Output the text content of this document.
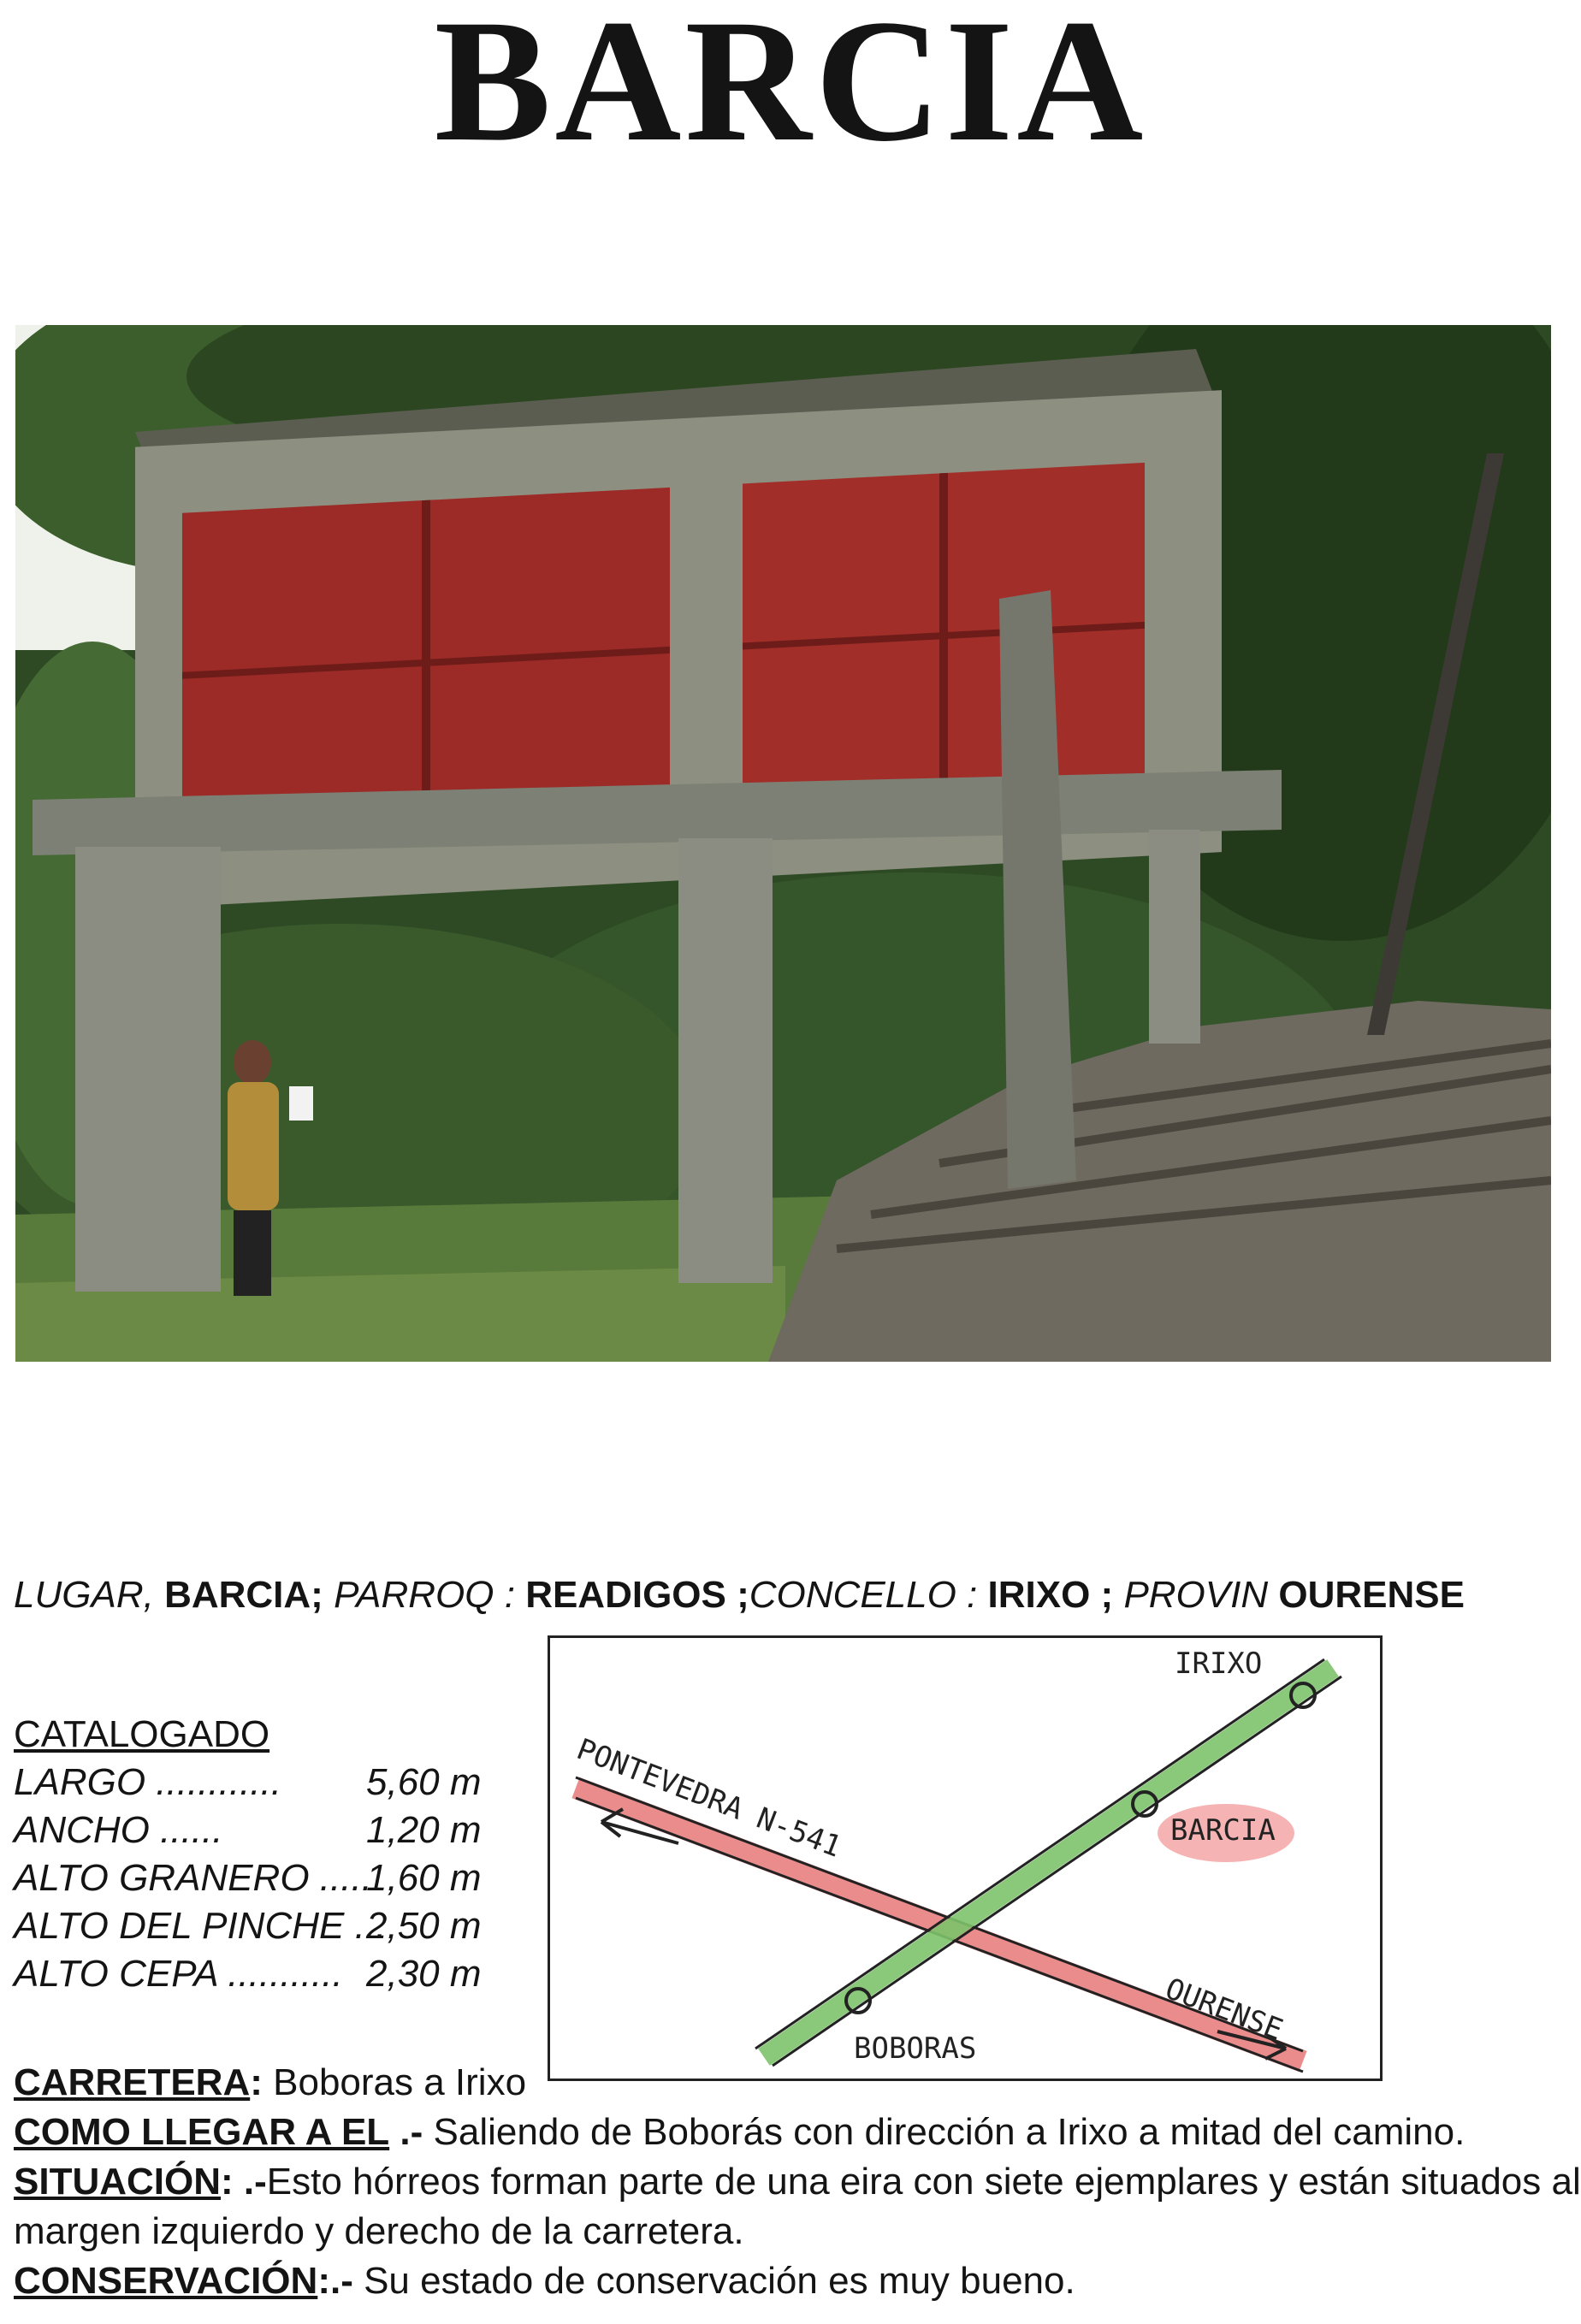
BARCIA
LUGAR, BARCIA; PARROQ : READIGOS ;CONCELLO : IRIXO ; PROVIN OURENSE
CATALOGADO
LARGO ............ 5,60 m
ANCHO ......	1,20 m
ALTO GRANERO .....
1,60 m
ALTO DEL PINCHE ...
2,50 m
ALTO CEPA ........... 2,30 m
IRIXO
BARCIA
PONTEVEDRA N-541
OURENSE
BOBORAS
CARRETERA: Boboras a Irixo
COMO LLEGAR A EL .- Saliendo de Boborás con dirección a Irixo a mitad del camino.
SITUACIÓN: .-Esto hórreos forman parte de una eira con siete ejemplares y están situados al
margen izquierdo y derecho de la carretera.
CONSERVACIÓN:.- Su estado de conservación es muy bueno.
